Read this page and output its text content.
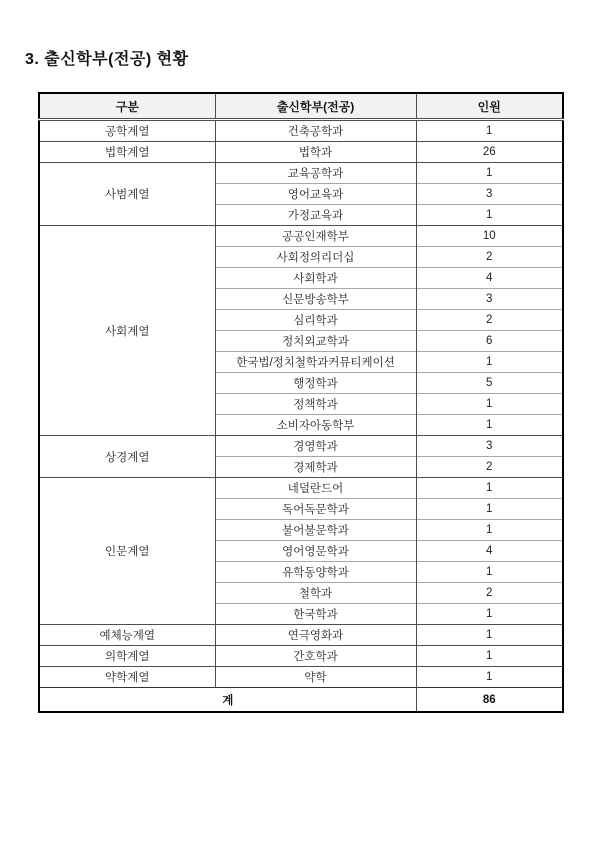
3. 출신학부(전공) 현황
구분	출신학부(전공)	인원
공학계열	건축공학과	1
법학계열	법학과	26
사범계열	교육공학과	1
	영어교육과	3
	가정교육과	1
사회계열	공공인재학부	10
	사회정의리더십	2
	사회학과	4
	신문방송학부	3
	심리학과	2
	정치외교학과	6
	한국법/정치철학과커뮤티케이션	1
	행정학과	5
	정책학과	1
	소비자아동학부	1
상경계열	경영학과	3
	경제학과	2
인문계열	네덜란드어	1
	독어독문학과	1
	불어불문학과	1
	영어영문학과	4
	유학동양학과	1
	철학과	2
	한국학과	1
예체능계열	연극영화과	1
의학계열	간호학과	1
약학계열	약학	1
계		86
